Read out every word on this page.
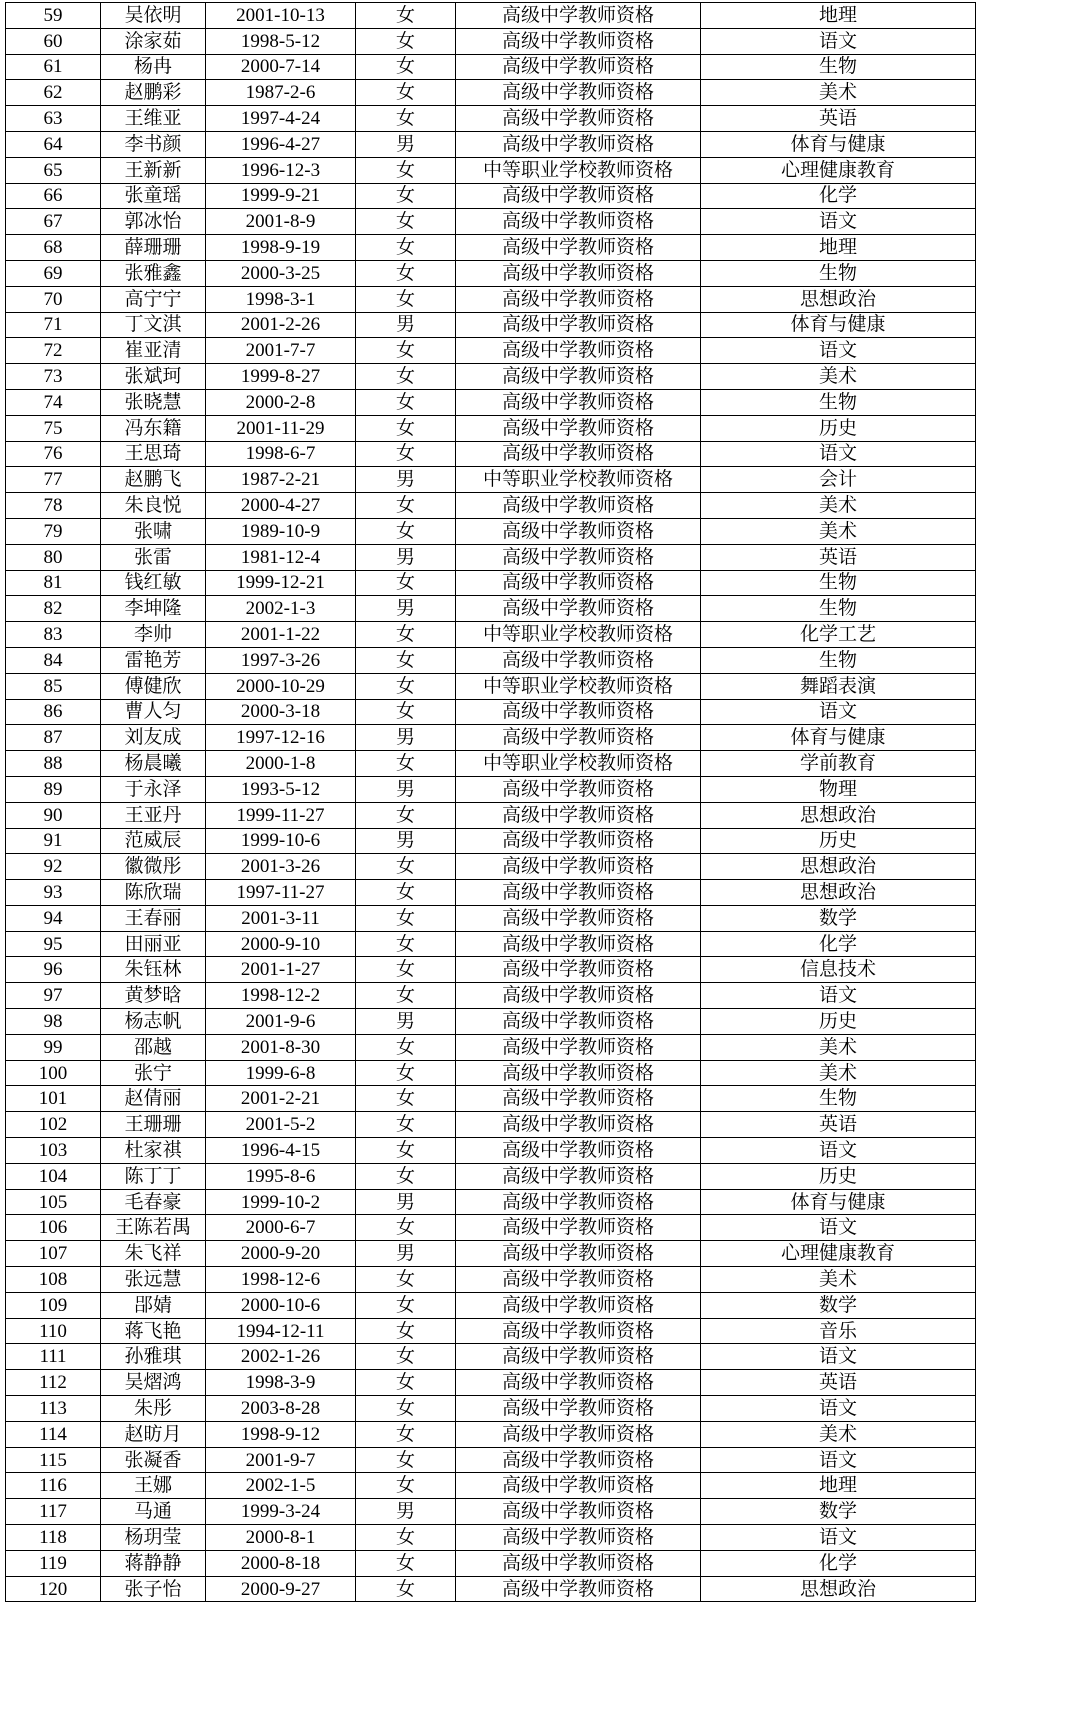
59	吴依明	2001-10-13	女	高级中学教师资格	地理
60	涂家茹	1998-5-12	女	高级中学教师资格	语文
61	杨冉	2000-7-14	女	高级中学教师资格	生物
62	赵鹏彩	1987-2-6	女	高级中学教师资格	美术
63	王维亚	1997-4-24	女	高级中学教师资格	英语
64	李书颜	1996-4-27	男	高级中学教师资格	体育与健康
65	王新新	1996-12-3	女	中等职业学校教师资格	心理健康教育
66	张童瑶	1999-9-21	女	高级中学教师资格	化学
67	郭冰怡	2001-8-9	女	高级中学教师资格	语文
68	薛珊珊	1998-9-19	女	高级中学教师资格	地理
69	张雅鑫	2000-3-25	女	高级中学教师资格	生物
70	高宁宁	1998-3-1	女	高级中学教师资格	思想政治
71	丁文淇	2001-2-26	男	高级中学教师资格	体育与健康
72	崔亚清	2001-7-7	女	高级中学教师资格	语文
73	张斌珂	1999-8-27	女	高级中学教师资格	美术
74	张晓慧	2000-2-8	女	高级中学教师资格	生物
75	冯东籍	2001-11-29	女	高级中学教师资格	历史
76	王思琦	1998-6-7	女	高级中学教师资格	语文
77	赵鹏飞	1987-2-21	男	中等职业学校教师资格	会计
78	朱良悦	2000-4-27	女	高级中学教师资格	美术
79	张啸	1989-10-9	女	高级中学教师资格	美术
80	张雷	1981-12-4	男	高级中学教师资格	英语
81	钱红敏	1999-12-21	女	高级中学教师资格	生物
82	李坤隆	2002-1-3	男	高级中学教师资格	生物
83	李帅	2001-1-22	女	中等职业学校教师资格	化学工艺
84	雷艳芳	1997-3-26	女	高级中学教师资格	生物
85	傅健欣	2000-10-29	女	中等职业学校教师资格	舞蹈表演
86	曹人匀	2000-3-18	女	高级中学教师资格	语文
87	刘友成	1997-12-16	男	高级中学教师资格	体育与健康
88	杨晨曦	2000-1-8	女	中等职业学校教师资格	学前教育
89	于永泽	1993-5-12	男	高级中学教师资格	物理
90	王亚丹	1999-11-27	女	高级中学教师资格	思想政治
91	范威辰	1999-10-6	男	高级中学教师资格	历史
92	徽微彤	2001-3-26	女	高级中学教师资格	思想政治
93	陈欣瑞	1997-11-27	女	高级中学教师资格	思想政治
94	王春丽	2001-3-11	女	高级中学教师资格	数学
95	田丽亚	2000-9-10	女	高级中学教师资格	化学
96	朱钰林	2001-1-27	女	高级中学教师资格	信息技术
97	黄梦晗	1998-12-2	女	高级中学教师资格	语文
98	杨志帆	2001-9-6	男	高级中学教师资格	历史
99	邵越	2001-8-30	女	高级中学教师资格	美术
100	张宁	1999-6-8	女	高级中学教师资格	美术
101	赵倩丽	2001-2-21	女	高级中学教师资格	生物
102	王珊珊	2001-5-2	女	高级中学教师资格	英语
103	杜家祺	1996-4-15	女	高级中学教师资格	语文
104	陈丁丁	1995-8-6	女	高级中学教师资格	历史
105	毛春豪	1999-10-2	男	高级中学教师资格	体育与健康
106	王陈若禺	2000-6-7	女	高级中学教师资格	语文
107	朱飞祥	2000-9-20	男	高级中学教师资格	心理健康教育
108	张远慧	1998-12-6	女	高级中学教师资格	美术
109	郘婧	2000-10-6	女	高级中学教师资格	数学
110	蒋飞艳	1994-12-11	女	高级中学教师资格	音乐
111	孙雅琪	2002-1-26	女	高级中学教师资格	语文
112	吴熠鸿	1998-3-9	女	高级中学教师资格	英语
113	朱彤	2003-8-28	女	高级中学教师资格	语文
114	赵昉月	1998-9-12	女	高级中学教师资格	美术
115	张凝香	2001-9-7	女	高级中学教师资格	语文
116	王娜	2002-1-5	女	高级中学教师资格	地理
117	马通	1999-3-24	男	高级中学教师资格	数学
118	杨玥莹	2000-8-1	女	高级中学教师资格	语文
119	蒋静静	2000-8-18	女	高级中学教师资格	化学
120	张子怡	2000-9-27	女	高级中学教师资格	思想政治
